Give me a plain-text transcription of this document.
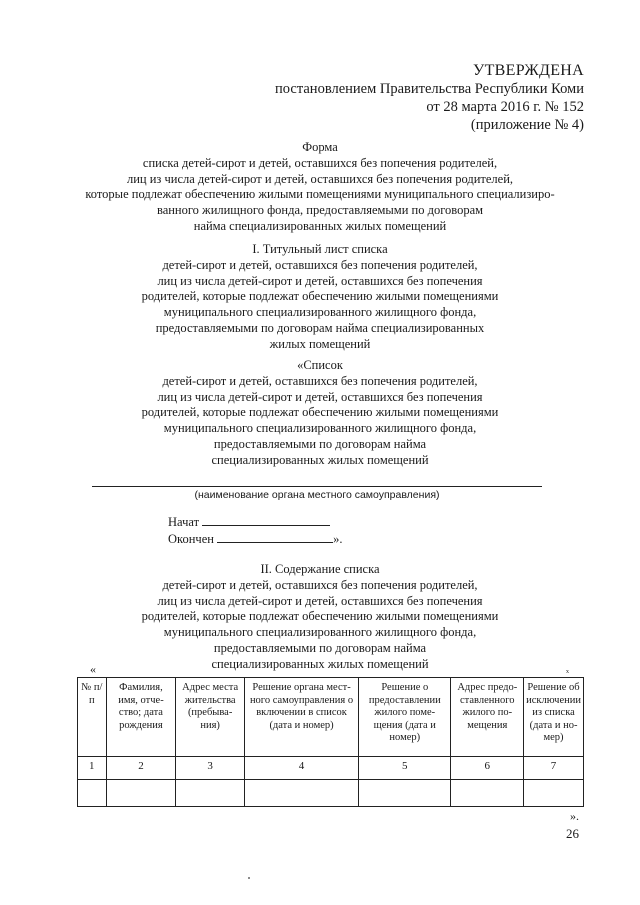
УТВЕРЖДЕНА
постановлением Правительства Республики Коми
от 28 марта 2016 г. № 152
(приложение № 4)
Форма
списка детей-сирот и детей, оставшихся без попечения родителей,
лиц из числа детей-сирот и детей, оставшихся без попечения родителей,
которые подлежат обеспечению жилыми помещениями муниципального специализиро-
ванного жилищного фонда, предоставляемыми по договорам
найма специализированных жилых помещений
I. Титульный лист списка
детей-сирот и детей, оставшихся без попечения родителей,
лиц из числа детей-сирот и детей, оставшихся без попечения
родителей, которые подлежат обеспечению жилыми помещениями
муниципального специализированного жилищного фонда,
предоставляемыми по договорам найма специализированных
жилых помещений
«Список
детей-сирот и детей, оставшихся без попечения родителей,
лиц из числа детей-сирот и детей, оставшихся без попечения
родителей, которые подлежат обеспечению жилыми помещениями
муниципального специализированного жилищного фонда,
предоставляемыми по договорам найма
специализированных жилых помещений
(наименование органа местного самоуправления)
Начат
Окончен	».
II. Содержание списка
детей-сирот и детей, оставшихся без попечения родителей,
лиц из числа детей-сирот и детей, оставшихся без попечения
родителей, которые подлежат обеспечению жилыми помещениями
муниципального специализированного жилищного фонда,
предоставляемыми по договорам найма
специализированных жилых помещений
«	ₓ
№ п/п	Фамилия, имя, отче-ство; дата рождения	Адрес места жительства (пребыва-ния)	Решение органа мест-ного самоуправления о включении в список (дата и номер)	Решение о предоставлении жилого поме-щения (дата и номер)	Адрес предо-ставленного жилого по-мещения	Решение об исключении из списка (дата и но-мер)
1	2	3	4	5	6	7

».
26
